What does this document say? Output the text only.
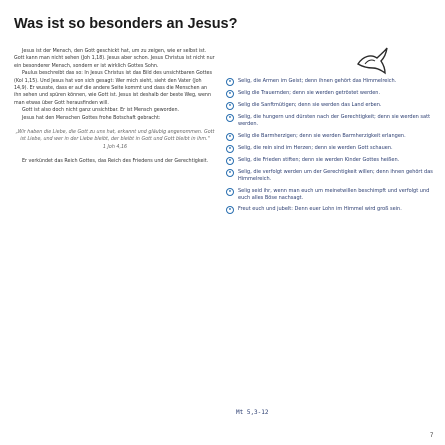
Was ist so besonders an Jesus?

Jesus ist der Mensch, den Gott geschickt hat, um zu zeigen, wie er selbst ist. Gott kann man nicht sehen (Joh 1,18). Jesus aber schon. Jesus Christus ist nicht nur ein besonderer Mensch, sondern er ist wirklich Gottes Sohn.

Paulus beschreibt das so: In Jesus Christus ist das Bild des unsichtbaren Gottes (Kol 1,15). Und Jesus hat von sich gesagt: Wer mich sieht, sieht den Vater (Joh 14,9). Er wusste, dass er auf die andere Seite kommt und dass die Menschen an ihn sehen und spüren können, wie Gott ist. Jesus ist deshalb der beste Weg, wenn man etwas über Gott herausfinden will.

Gott ist also doch nicht ganz unsichtbar. Er ist Mensch geworden.

Jesus hat den Menschen Gottes frohe Botschaft gebracht:

„Wir haben die Liebe, die Gott zu uns hat, erkannt und gläubig angenommen. Gott ist Liebe, und wer in der Liebe bleibt, der bleibt in Gott und Gott bleibt in ihm."

1 Joh 4,16

Er verkündet das Reich Gottes, das Reich des Friedens und der Gerechtigkeit.

•	Selig, die Armen im Geist; denn ihnen gehört das Himmelreich.
•	Selig die Trauernden; denn sie werden getröstet werden.
•	Selig die Sanftmütigen; denn sie werden das Land erben.
•	Selig, die hungern und dürsten nach der Gerechtigkeit; denn sie werden satt werden.
•	Selig die Barmherzigen; denn sie werden Barmherzigkeit erlangen.
•	Selig, die rein sind im Herzen; denn sie werden Gott schauen.
•	Selig, die Frieden stiften; denn sie werden Kinder Gottes heißen.
•	Selig, die verfolgt werden um der Gerechtigkeit willen; denn ihnen gehört das Himmelreich.
•	Selig seid ihr, wenn man euch um meinetwillen beschimpft und verfolgt und euch alles Böse nachsagt.
•	Freut euch und jubelt: Denn euer Lohn im Himmel wird groß sein.
Mt 5,3-12
7
